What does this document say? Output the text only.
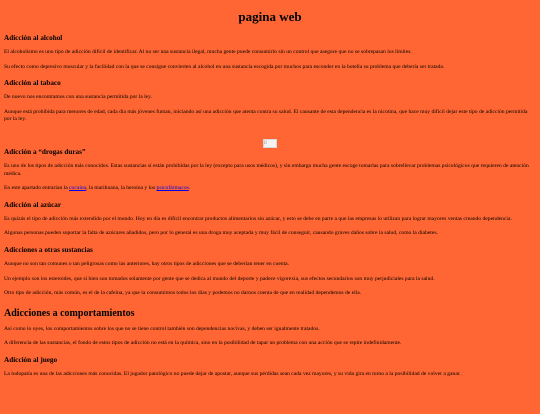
pagina web
Adicción al alcohol

El alcoholismo es uno tipo de adicción difícil de identificar. Al no ser una sustancia ilegal, mucha gente puede consumirlo sin un control que asegure que no se sobrepasan los límites.

Su efecto como depresivo muscular y la facilidad con la que se consigue convierten al alcohol en una sustancia escogida por muchos para esconder en la botella su problema que debería ser tratado.

Adicción al tabaco

De nuevo nos encontramos con una sustancia permitida por la ley.

Aunque está prohibida para menores de edad, cada día más jóvenes fuman, iniciando así una adicción que atenta contra su salud. El causante de esta dependencia es la nicotina, que hace muy difícil dejar este tipo de adicción permitida por la ley.

ll
Adicción a “drogas duras”

Es uno de los tipos de adicción más conocidos. Estas sustancias sí están prohibidas por la ley (excepto para usos médicos), y sin embargo mucha gente escoge tomarlas para sobrellevar problemas psicológicos que requieren de atención médica.

En este apartado entrarían la cocaína, la marihuana, la heroína y los psicofármacos.

Adicción al azúcar

Es quizás el tipo de adicción más extendido por el mundo. Hoy en día es difícil encontrar productos alimentarios sin azúcar, y esto se debe en parte a que las empresas lo utilizan para lograr mayores ventas creando dependencia.

Algunas personas pueden soportar la falta de azúcares añadidos, pero por lo general es una droga muy aceptada y muy fácil de conseguir, causando graves daños sobre la salud, como la diabetes.

Adicciones a otras sustancias

Aunque no son tan comunes o tan peligrosas como las anteriores, hay otros tipos de adicciones que se deberían tener en cuenta.

Un ejemplo son los esteroides, que si bien son tomados solamente por gente que se dedica al mundo del deporte y padece vigorexia, sus efectos secundarios son muy perjudiciales para la salud.

Otro tipo de adicción, más común, es el de la cafeína, ya que la consumimos todos los días y podemos no darnos cuenta de que en realidad dependemos de ella.

Adicciones a comportamientos

Así como lo oyes, los comportamientos sobre los que no se tiene control también son dependencias nocivas, y deben ser igualmente tratados.

A diferencia de las sustancias, el fondo de estos tipos de adicción no está en la química, sino en la posibilidad de tapar un problema con una acción que se repite indefinidamente.

Adicción al juego

La ludopatía es una de las adicciones más conocidas. El jugador patológico no puede dejar de apostar, aunque sus pérdidas sean cada vez mayores, y su vida gira en torno a la posibilidad de volver a ganar.
